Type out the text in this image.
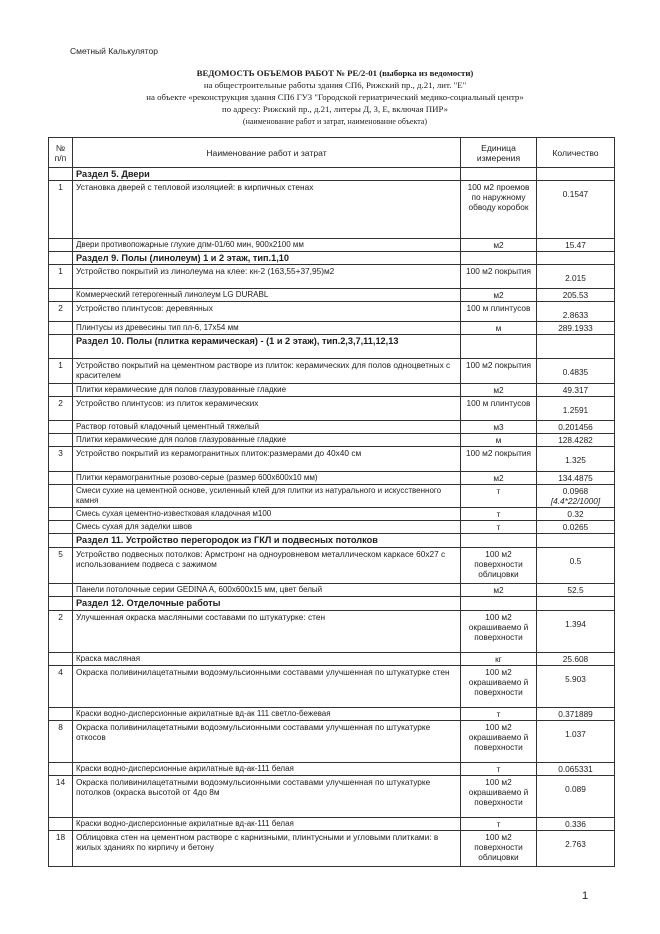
Сметный Калькулятор
ВЕДОМОСТЬ ОБЪЕМОВ РАБОТ № РЕ/2-01 (выборка из ведомости)
на общестроительные работы здания СП6, Рижский пр., д.21, лит. "Е"
на объекте «реконструкция здания СП6 ГУЗ "Городской гериатрический медико-социальный центр»
по адресу: Рижский пр., д.21, литеры Д, З, Е, включая ПИР»
(наименование работ и затрат, наименование объекта)
№ п/п	Наименование работ и затрат	Единица измерения	Количество
	Раздел 5. Двери		
1	Установка дверей с тепловой изоляцией: в кирпичных стенах	100 м2 проемов по наружному обводу коробок	0.1547

	Двери противопожарные глухие дпм-01/60 мин, 900х2100 мм	м2	15.47

	Раздел 9. Полы (линолеум) 1 и 2 этаж, тип.1,10		
1	Устройство покрытий из линолеума на клее: кн-2 (163,55+37,95)м2	100 м2 покрытия	2.015

	Коммерческий гетерогенный линолеум LG DURABL	м2	205.53

2	Устройство плинтусов: деревянных	100 м плинтусов	2.8633

	Плинтусы из древесины тип пл-6, 17х54 мм	м	289.1933

	Раздел 10. Полы (плитка керамическая) - (1 и 2 этаж), тип.2,3,7,11,12,13		
1	Устройство покрытий на цементном растворе из плиток: керамических для полов одноцветных с красителем	100 м2 покрытия	0.4835

	Плитки керамические для полов глазурованные гладкие	м2	49.317

2	Устройство плинтусов: из плиток керамических	100 м плинтусов	1.2591

	Раствор готовый кладочный цементный тяжелый	м3	0.201456

	Плитки керамические для полов глазурованные гладкие	м	128.4282

3	Устройство покрытий из керамогранитных плиток:размерами до 40х40 см	100 м2 покрытия	1.325

	Плитки керамогранитные розово-серые (размер 600х600х10 мм)	м2	134.4875

	Смеси сухие на цементной основе, усиленный клей для плитки из натурального и искусственного камня	т	0.0968
[4.4*22/1000]

	Смесь сухая цементно-известковая кладочная м100	т	0.32

	Смесь сухая для заделки швов	т	0.0265

	Раздел 11. Устройство перегородок из ГКЛ и подвесных потолков		
5	Устройство подвесных потолков: Армстронг на одноуровневом металлическом каркасе 60х27 с использованием подвеса с зажимом	100 м2 поверхности облицовки	0.5

	Панели потолочные серии GEDINA A, 600х600х15 мм, цвет белый	м2	52.5

	Раздел 12. Отделочные работы		
2	Улучшенная окраска масляными составами по штукатурке: стен	100 м2 окрашиваемо й поверхности	1.394

	Краска масляная	кг	25.608

4	Окраска поливинилацетатными водоэмульсионными составами улучшенная по штукатурке стен	100 м2 окрашиваемо й поверхности	5.903

	Краски водно-дисперсионные акрилатные вд-ак 111 светло-бежевая	т	0.371889

8	Окраска поливинилацетатными водоэмульсионными составами улучшенная по штукатурке откосов	100 м2 окрашиваемо й поверхности	1.037

	Краски водно-дисперсионные акрилатные вд-ак-111 белая	т	0.065331

14	Окраска поливинилацетатными водоэмульсионными составами улучшенная по штукатурке потолков (окраска высотой от 4до 8м	100 м2 окрашиваемо й поверхности	0.089

	Краски водно-дисперсионные акрилатные вд-ак-111 белая	т	0.336

18	Облицовка стен на цементном растворе с карнизными, плинтусными и угловыми плитками: в жилых зданиях по кирпичу и бетону	100 м2 поверхности облицовки	2.763
1
